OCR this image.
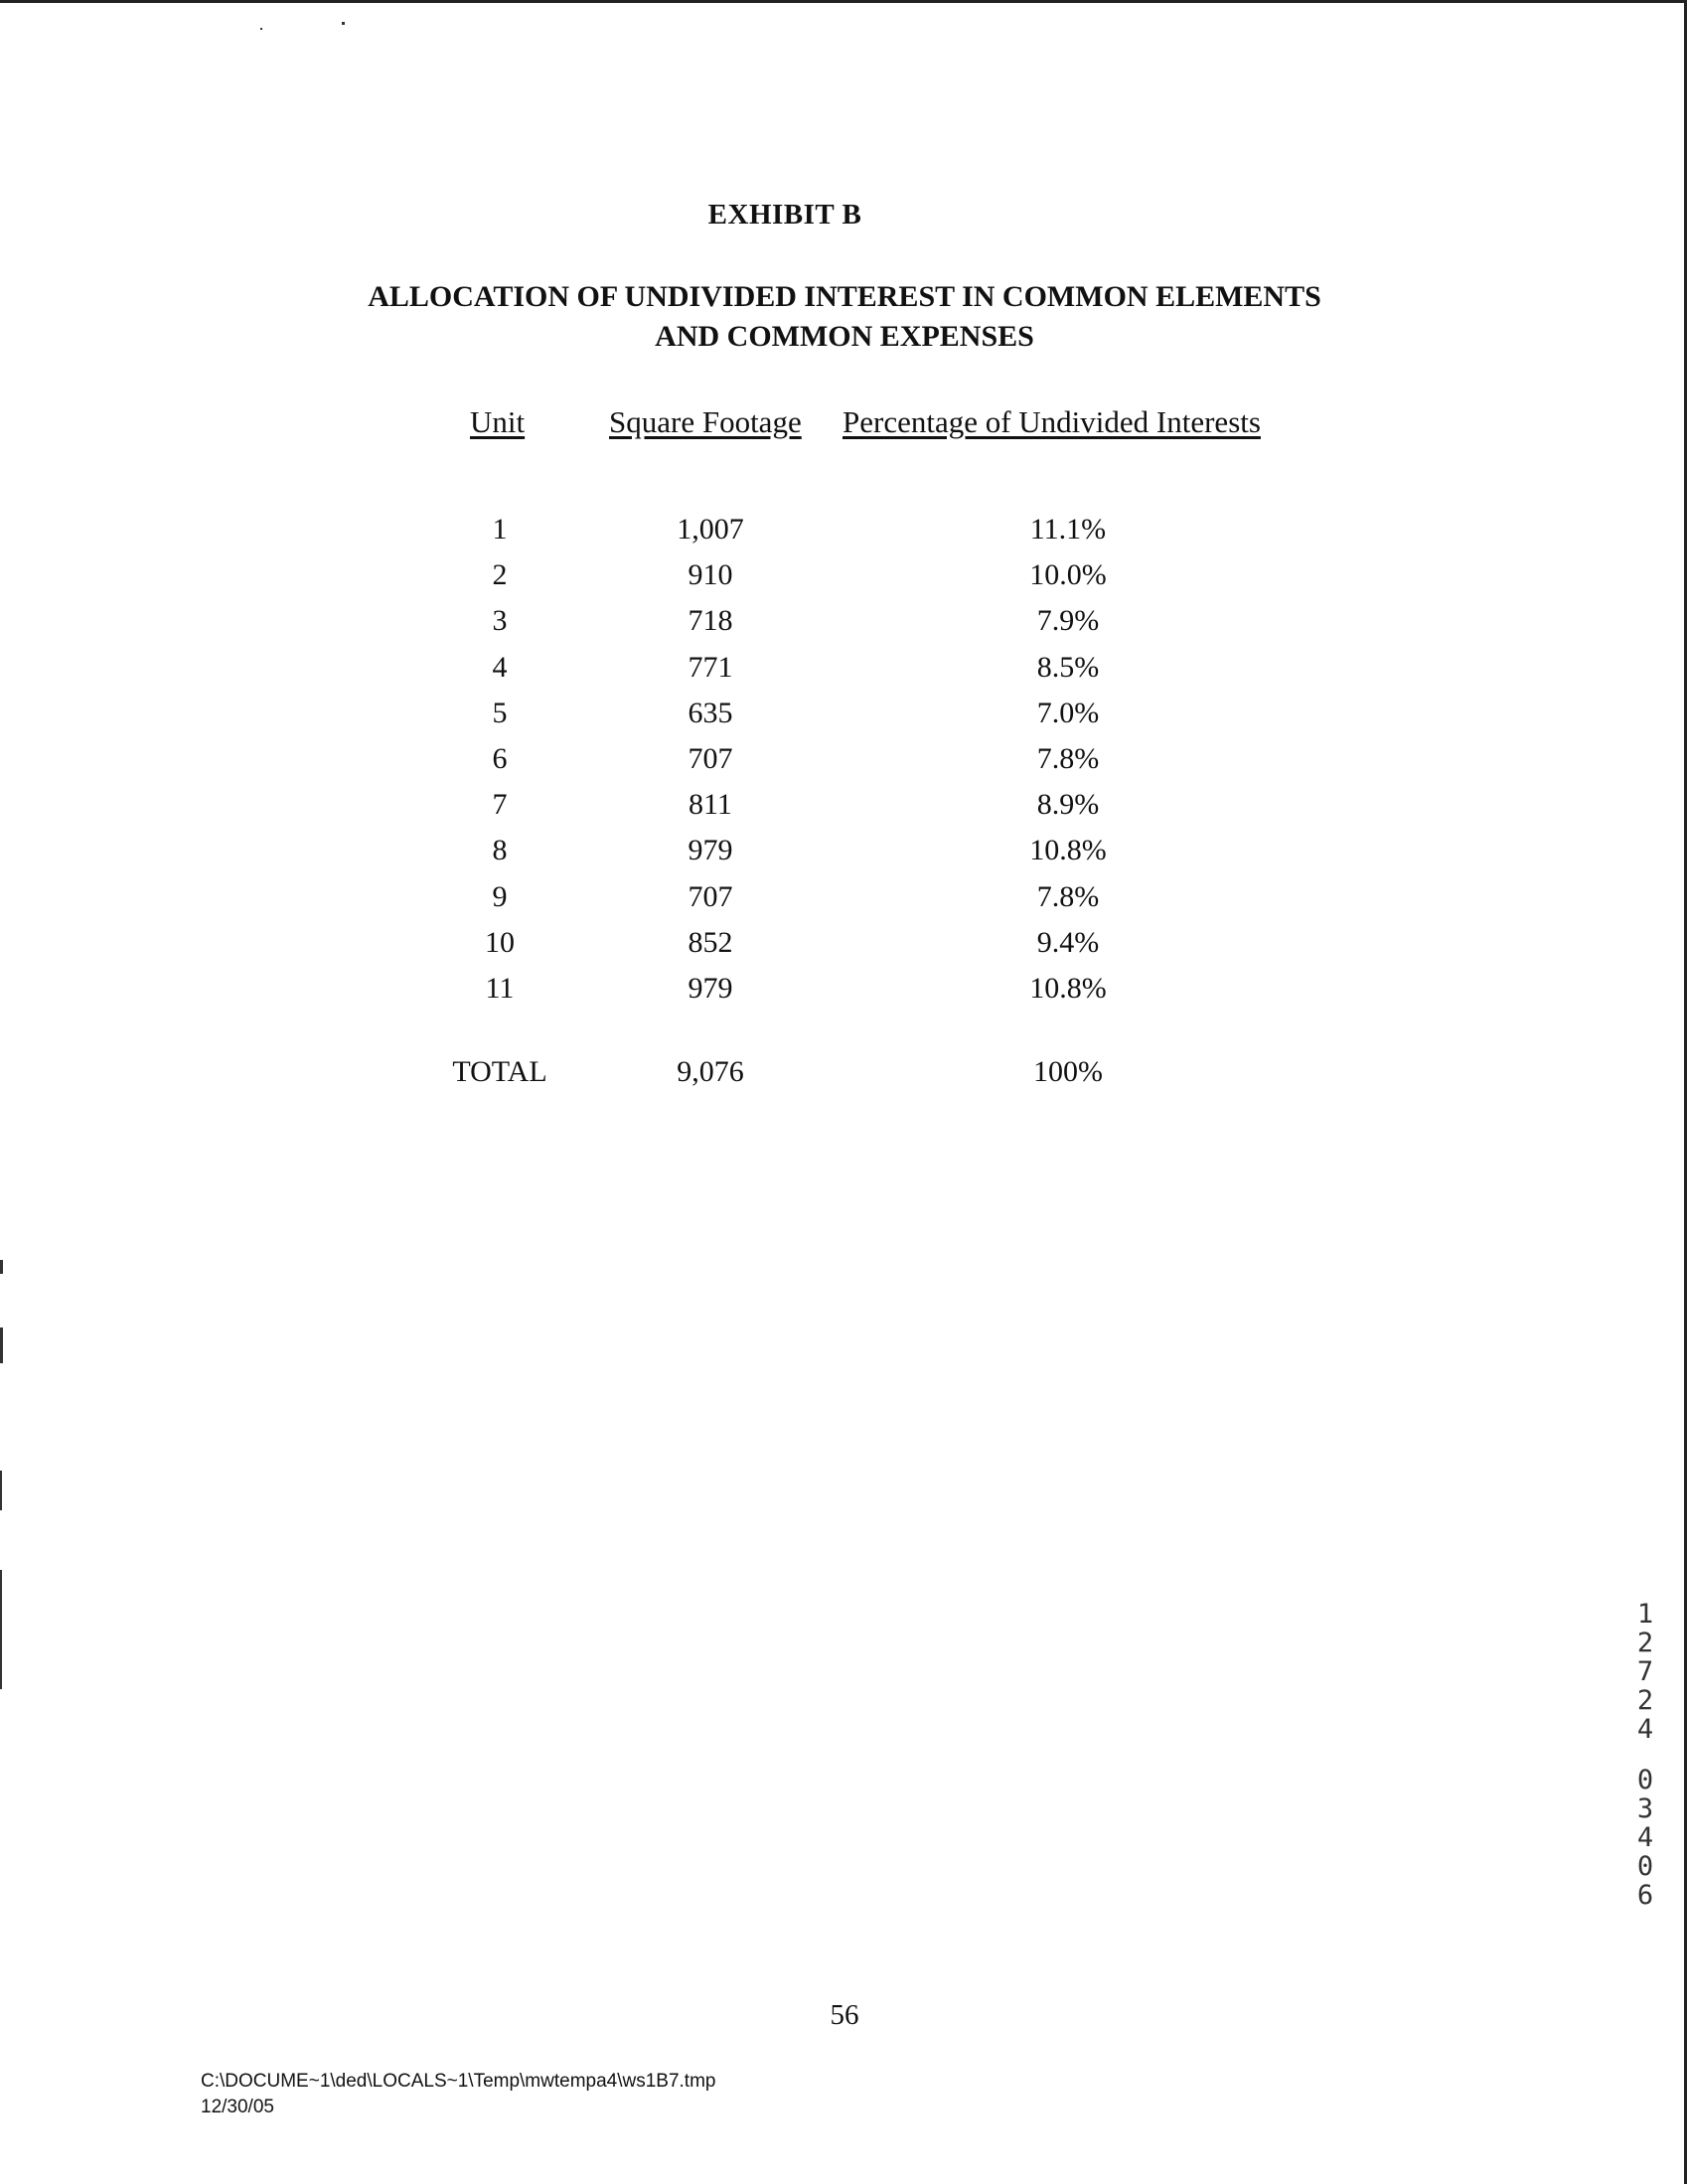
EXHIBIT B
ALLOCATION OF UNDIVIDED INTEREST IN COMMON ELEMENTS
AND COMMON EXPENSES
Unit	Square Footage Percentage of Undivided Interests
1	1,007	11.1%
2	910	10.0%
3	718	7.9%
4	771	8.5%
5	635	7.0%
6	707	7.8%
7	811	8.9%
8	979	10.8%
9	707	7.8%
10	852	9.4%
11	979	10.8%
TOTAL	9,076	100%
1
2
7
2
4
0
3
4
0
6
56
C:\DOCUME~1\ded\LOCALS~1\Temp\mwtempa4\ws1B7.tmp
12/30/05
